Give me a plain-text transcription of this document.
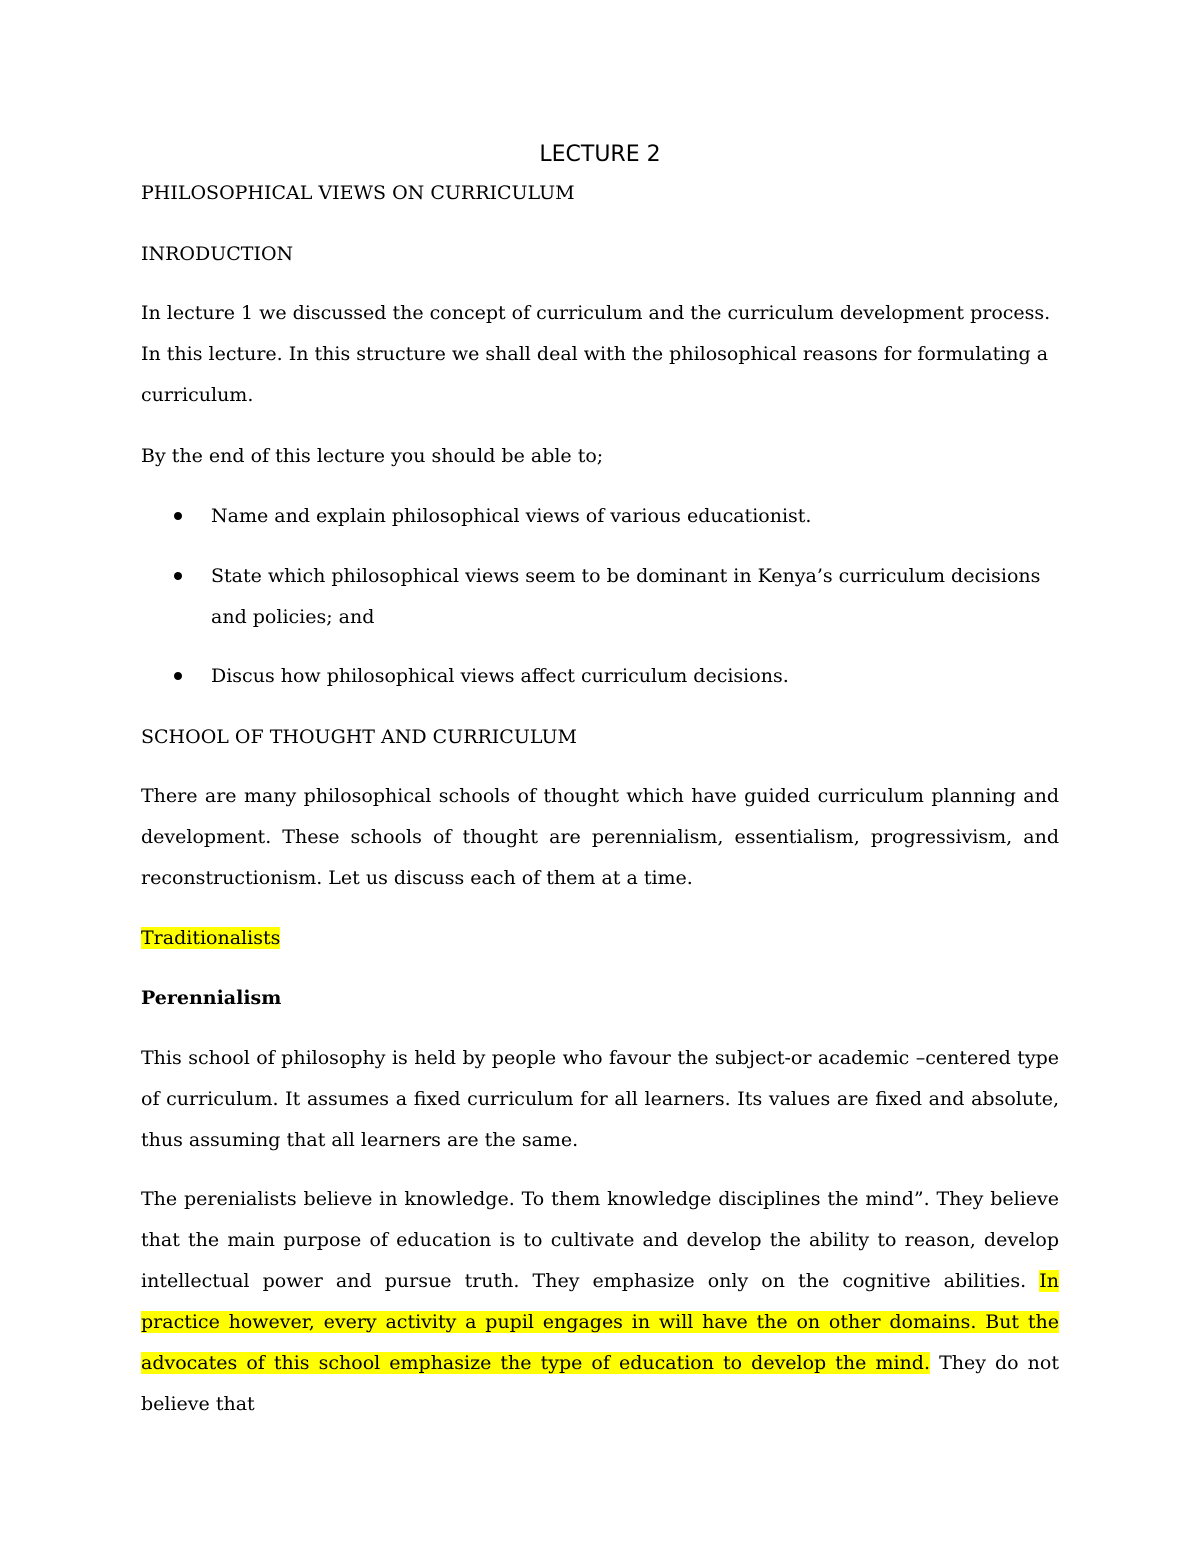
LECTURE 2

PHILOSOPHICAL VIEWS ON CURRICULUM

INRODUCTION

In lecture 1 we discussed the concept of curriculum and the curriculum development process. In this lecture. In this structure we shall deal with the philosophical reasons for formulating a curriculum.

By the end of this lecture you should be able to;

Name and explain philosophical views of various educationist.
State which philosophical views seem to be dominant in Kenya’s curriculum decisions and policies; and
Discus how philosophical views affect curriculum decisions.

SCHOOL OF THOUGHT AND CURRICULUM

There are many philosophical schools of thought which have guided curriculum planning and development. These schools of thought are perennialism, essentialism, progressivism, and reconstructionism. Let us discuss each of them at a time.

Traditionalists

Perennialism

This school of philosophy is held by people who favour the subject-or academic –centered type of curriculum. It assumes a fixed curriculum for all learners. Its values are fixed and absolute, thus assuming that all learners are the same.

The perenialists believe in knowledge. To them knowledge disciplines the mind”. They believe that the main purpose of education is to cultivate and develop the ability to reason, develop intellectual power and pursue truth. They emphasize only on the cognitive abilities. In practice however, every activity a pupil engages in will have the on other domains. But the advocates of this school emphasize the type of education to develop the mind. They do not believe that
